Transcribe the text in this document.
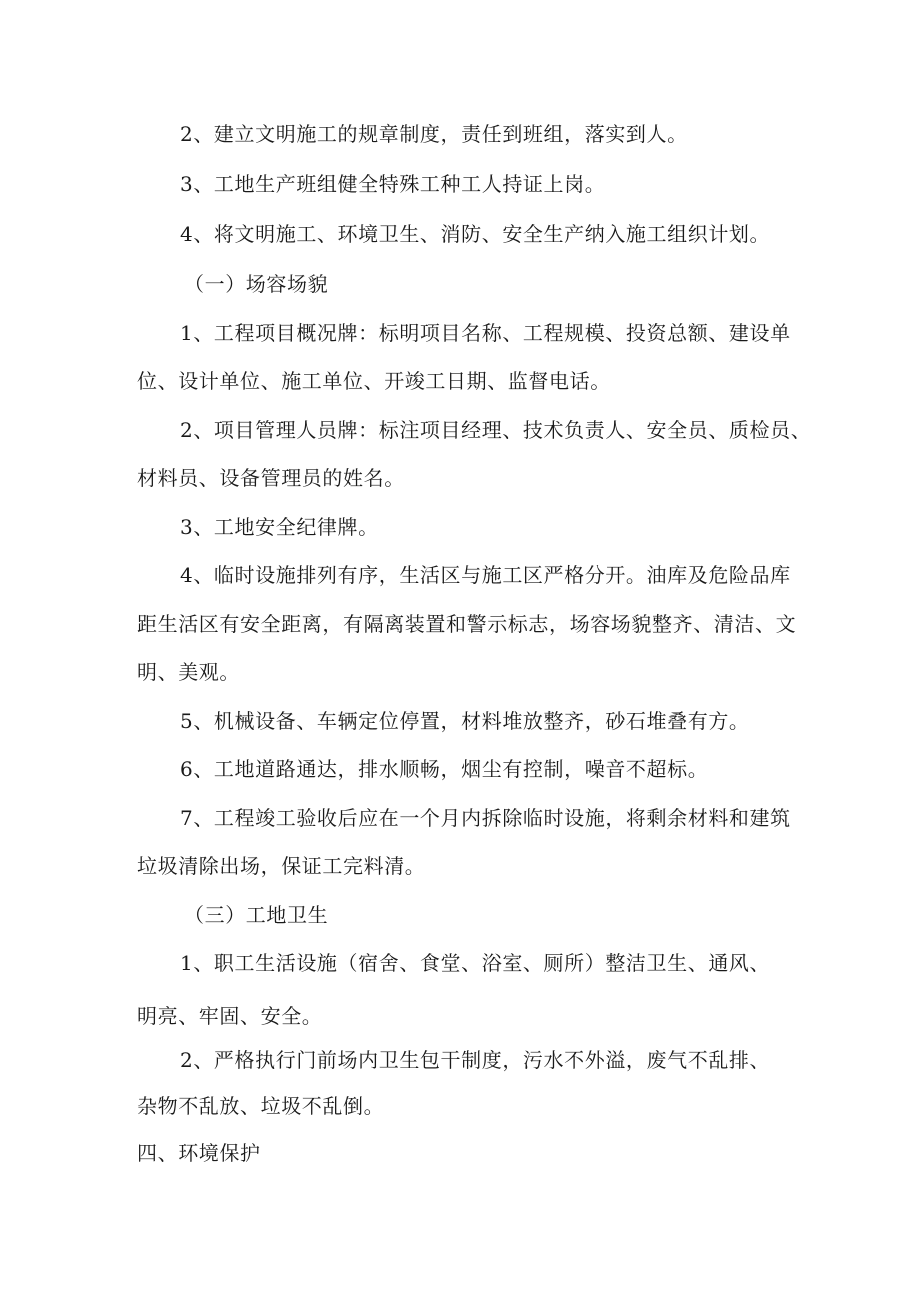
2、建立文明施工的规章制度，责任到班组，落实到人。
3、工地生产班组健全特殊工种工人持证上岗。
4、将文明施工、环境卫生、消防、安全生产纳入施工组织计划。
（一）场容场貌
1、工程项目概况牌：标明项目名称、工程规模、投资总额、建设单
位、设计单位、施工单位、开竣工日期、监督电话。
2、项目管理人员牌：标注项目经理、技术负责人、安全员、质检员、
材料员、设备管理员的姓名。
3、工地安全纪律牌。
4、临时设施排列有序，生活区与施工区严格分开。油库及危险品库
距生活区有安全距离，有隔离装置和警示标志，场容场貌整齐、清洁、文
明、美观。
5、机械设备、车辆定位停置，材料堆放整齐，砂石堆叠有方。
6、工地道路通达，排水顺畅，烟尘有控制，噪音不超标。
7、工程竣工验收后应在一个月内拆除临时设施，将剩余材料和建筑
垃圾清除出场，保证工完料清。
（三）工地卫生
1、职工生活设施（宿舍、食堂、浴室、厕所）整洁卫生、通风、
明亮、牢固、安全。
2、严格执行门前场内卫生包干制度，污水不外溢，废气不乱排、
杂物不乱放、垃圾不乱倒。
四、环境保护
